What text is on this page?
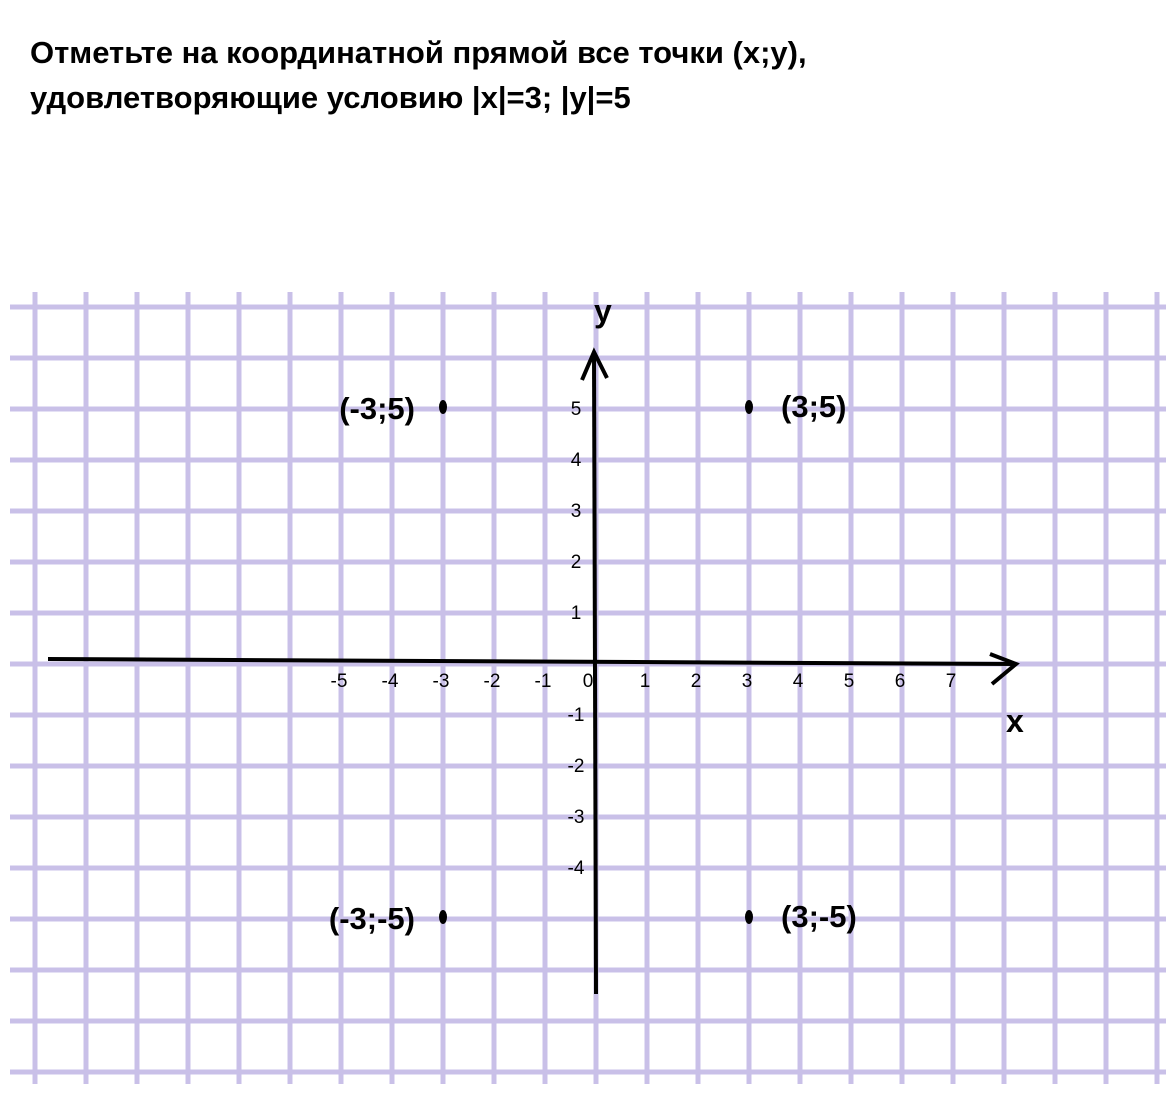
Отметьте на координатной прямой все точки (x;y),
удовлетворяющие условию |x|=3; |y|=5
x
y
-5 -4 -3 -2 -1 0 1 2 3 4 5 6 7
5
4
3
2
1
-1
-2
-3
-4
(-3;5)	(3;5)
(-3;-5)	(3;-5)
